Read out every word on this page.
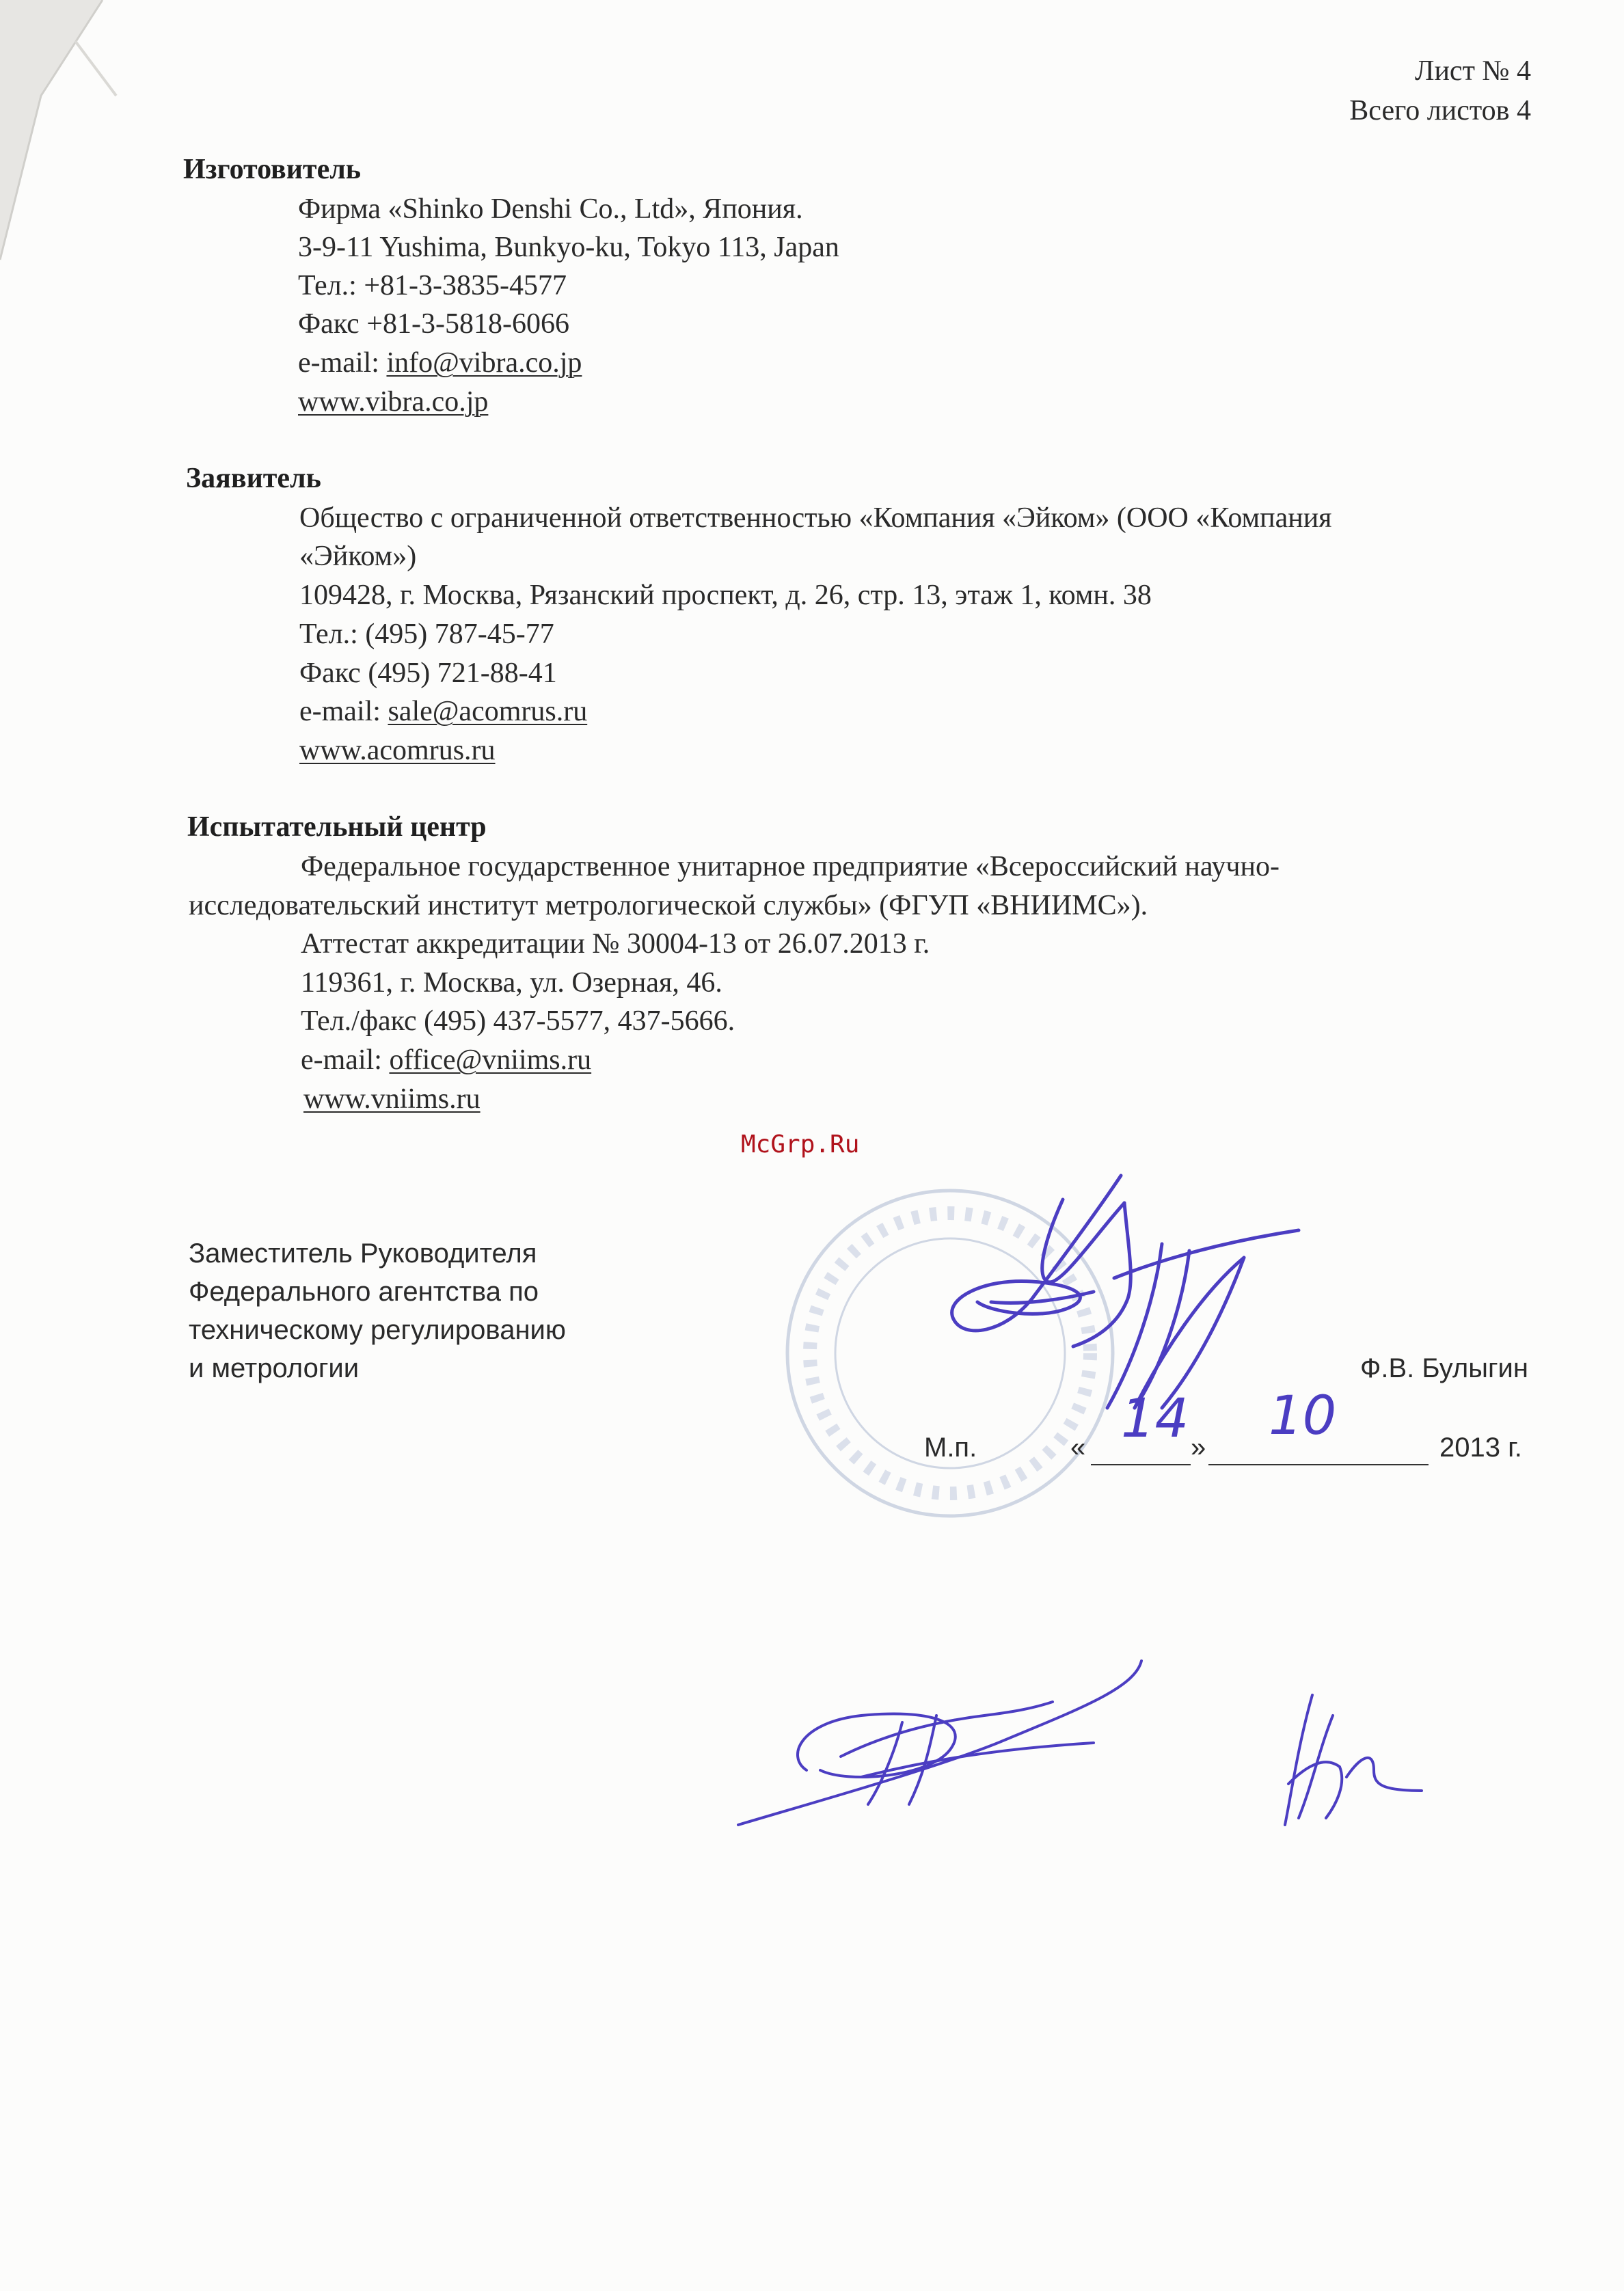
Лист № 4
Всего листов 4
Изготовитель
Фирма «Shinko Denshi Co., Ltd», Япония.
3-9-11 Yushima, Bunkyo-ku, Tokyo 113, Japan
Тел.: +81-3-3835-4577
Факс +81-3-5818-6066
e-mail: info@vibra.co.jp
www.vibra.co.jp
Заявитель
Общество с ограниченной ответственностью «Компания «Эйком» (ООО «Компания
«Эйком»)
109428, г. Москва, Рязанский проспект, д. 26, стр. 13, этаж 1, комн. 38
Тел.: (495) 787-45-77
Факс (495) 721-88-41
e-mail: sale@acomrus.ru
www.acomrus.ru
Испытательный центр
Федеральное государственное унитарное предприятие «Всероссийский научно-
исследовательский институт метрологической службы» (ФГУП «ВНИИМС»).
Аттестат аккредитации № 30004-13 от 26.07.2013 г.
119361, г. Москва, ул. Озерная, 46.
Тел./факс (495) 437-5577, 437-5666.
e-mail: office@vniims.ru
www.vniims.ru
McGrp.Ru
Заместитель Руководителя
Федерального агентства по
техническому регулированию
и метрологии	Ф.В. Булыгин
М.п.	« 14 »
10
2013 г.
